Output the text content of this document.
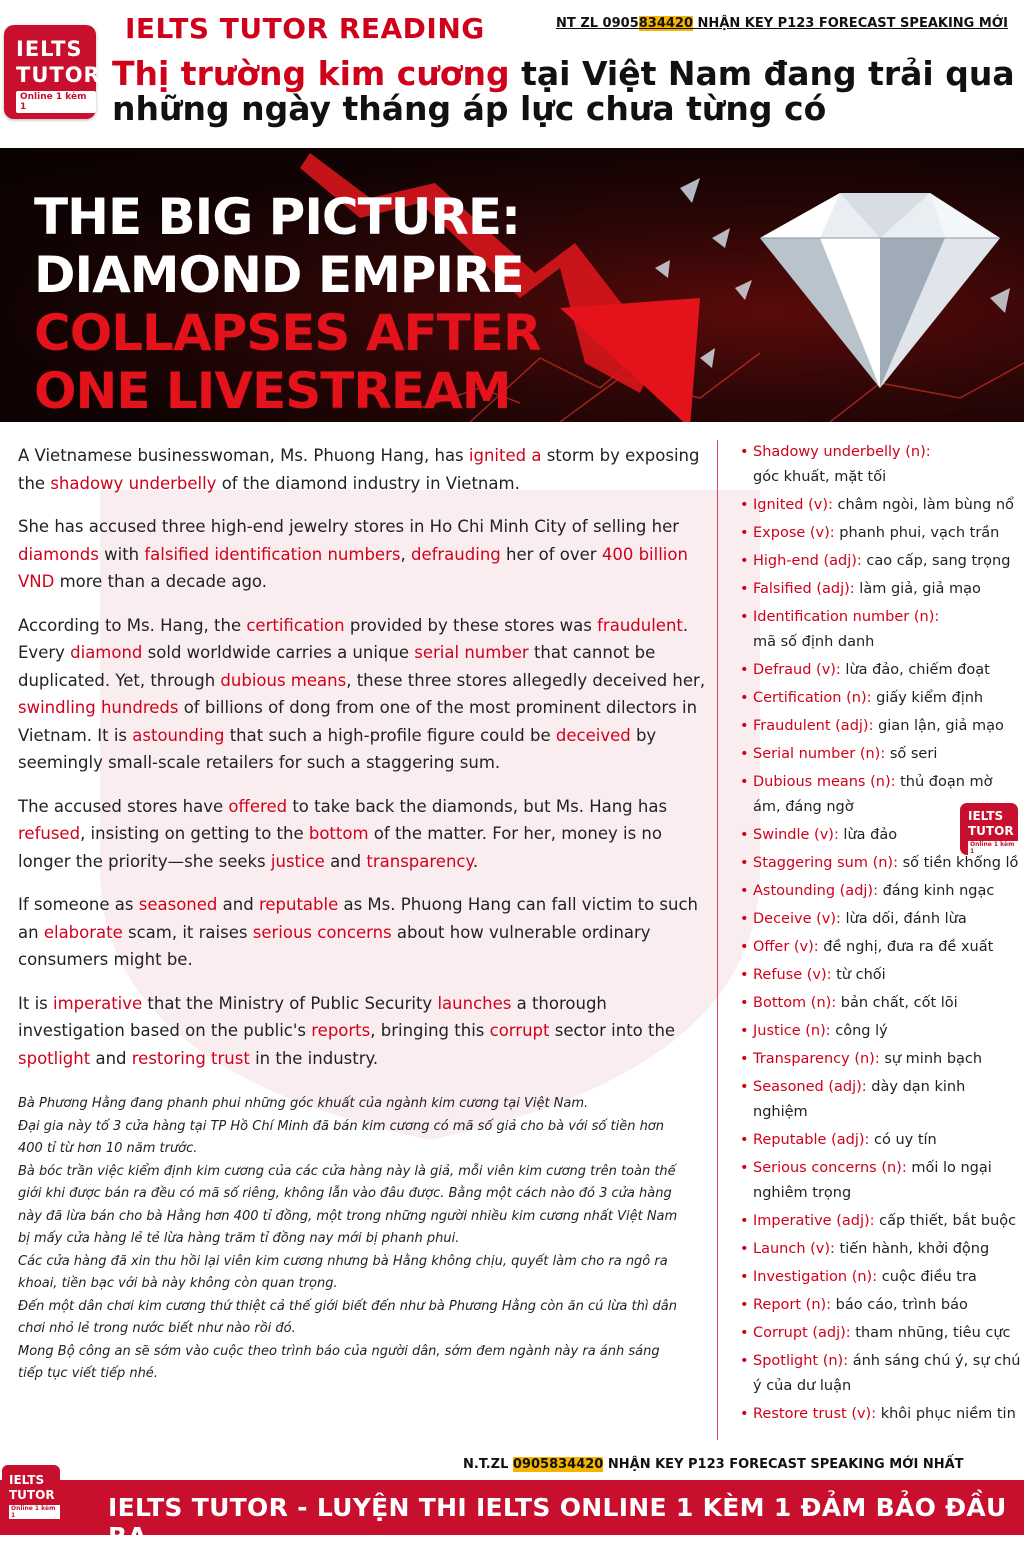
IELTS
TUTOR
Online 1 kèm 1
IELTS TUTOR READING	NT ZL 0905834420 NHẬN KEY P123 FORECAST SPEAKING MỚI
Thị trường kim cương tại Việt Nam đang trải qua những ngày tháng áp lực chưa từng có
THE BIG PICTURE:
DIAMOND EMPIRE
COLLAPSES AFTER
ONE LIVESTREAM

A Vietnamese businesswoman, Ms. Phuong Hang, has ignited a storm by exposing the shadowy underbelly of the diamond industry in Vietnam.

She has accused three high-end jewelry stores in Ho Chi Minh City of selling her diamonds with falsified identification numbers, defrauding her of over 400 billion VND more than a decade ago.

According to Ms. Hang, the certification provided by these stores was fraudulent. Every diamond sold worldwide carries a unique serial number that cannot be duplicated. Yet, through dubious means, these three stores allegedly deceived her, swindling hundreds of billions of dong from one of the most prominent dilectors in Vietnam. It is astounding that such a high-profile figure could be deceived by seemingly small-scale retailers for such a staggering sum.

The accused stores have offered to take back the diamonds, but Ms. Hang has refused, insisting on getting to the bottom of the matter. For her, money is no longer the priority—she seeks justice and transparency.

If someone as seasoned and reputable as Ms. Phuong Hang can fall victim to such an elaborate scam, it raises serious concerns about how vulnerable ordinary consumers might be.

It is imperative that the Ministry of Public Security launches a thorough investigation based on the public's reports, bringing this corrupt sector into the spotlight and restoring trust in the industry.

Bà Phương Hằng đang phanh phui những góc khuất của ngành kim cương tại Việt Nam.
Đại gia này tố 3 cửa hàng tại TP Hồ Chí Minh đã bán kim cương có mã số giả cho bà với số tiền hơn 400 tỉ từ hơn 10 năm trước.
Bà bóc trần việc kiểm định kim cương của các cửa hàng này là giả, mỗi viên kim cương trên toàn thế giới khi được bán ra đều có mã số riêng, không lẫn vào đâu được. Bằng một cách nào đó 3 cửa hàng này đã lừa bán cho bà Hằng hơn 400 tỉ đồng, một trong những người nhiều kim cương nhất Việt Nam bị mấy cửa hàng lẻ tẻ lừa hàng trăm tỉ đồng nay mới bị phanh phui.
Các cửa hàng đã xin thu hồi lại viên kim cương nhưng bà Hằng không chịu, quyết làm cho ra ngô ra khoai, tiền bạc với bà này không còn quan trọng.
Đến một dân chơi kim cương thứ thiệt cả thế giới biết đến như bà Phương Hằng còn ăn cú lừa thì dân chơi nhỏ lẻ trong nước biết như nào rồi đó.
Mong Bộ công an sẽ sớm vào cuộc theo trình báo của người dân, sớm đem ngành này ra ánh sáng tiếp tục viết tiếp nhé.
• Shadowy underbelly (n):
góc khuất, mặt tối
• Ignited (v): châm ngòi, làm bùng nổ
• Expose (v): phanh phui, vạch trần
• High-end (adj): cao cấp, sang trọng
• Falsified (adj): làm giả, giả mạo
• Identification number (n):
mã số định danh
• Defraud (v): lừa đảo, chiếm đoạt
• Certification (n): giấy kiểm định
• Fraudulent (adj): gian lận, giả mạo
• Serial number (n): số seri
• Dubious means (n): thủ đoạn mờ ám, đáng ngờ
• Swindle (v): lừa đảo
• Staggering sum (n): số tiền khổng lồ
• Astounding (adj): đáng kinh ngạc
• Deceive (v): lừa dối, đánh lừa
• Offer (v): đề nghị, đưa ra đề xuất
• Refuse (v): từ chối
• Bottom (n): bản chất, cốt lõi
• Justice (n): công lý
• Transparency (n): sự minh bạch
• Seasoned (adj): dày dạn kinh nghiệm
• Reputable (adj): có uy tín
• Serious concerns (n): mối lo ngại nghiêm trọng
• Imperative (adj): cấp thiết, bắt buộc
• Launch (v): tiến hành, khởi động
• Investigation (n): cuộc điều tra
• Report (n): báo cáo, trình báo
• Corrupt (adj): tham nhũng, tiêu cực
• Spotlight (n): ánh sáng chú ý, sự chú ý của dư luận
• Restore trust (v): khôi phục niềm tin
IELTS
TUTOR
Online 1 kèm 1
N.T.ZL 0905834420 NHẬN KEY P123 FORECAST SPEAKING MỚI NHẤT
IELTS
TUTOR
Online 1 kèm 1	IELTS TUTOR - LUYỆN THI IELTS ONLINE 1 KÈM 1 ĐẢM BẢO ĐẦU RA
